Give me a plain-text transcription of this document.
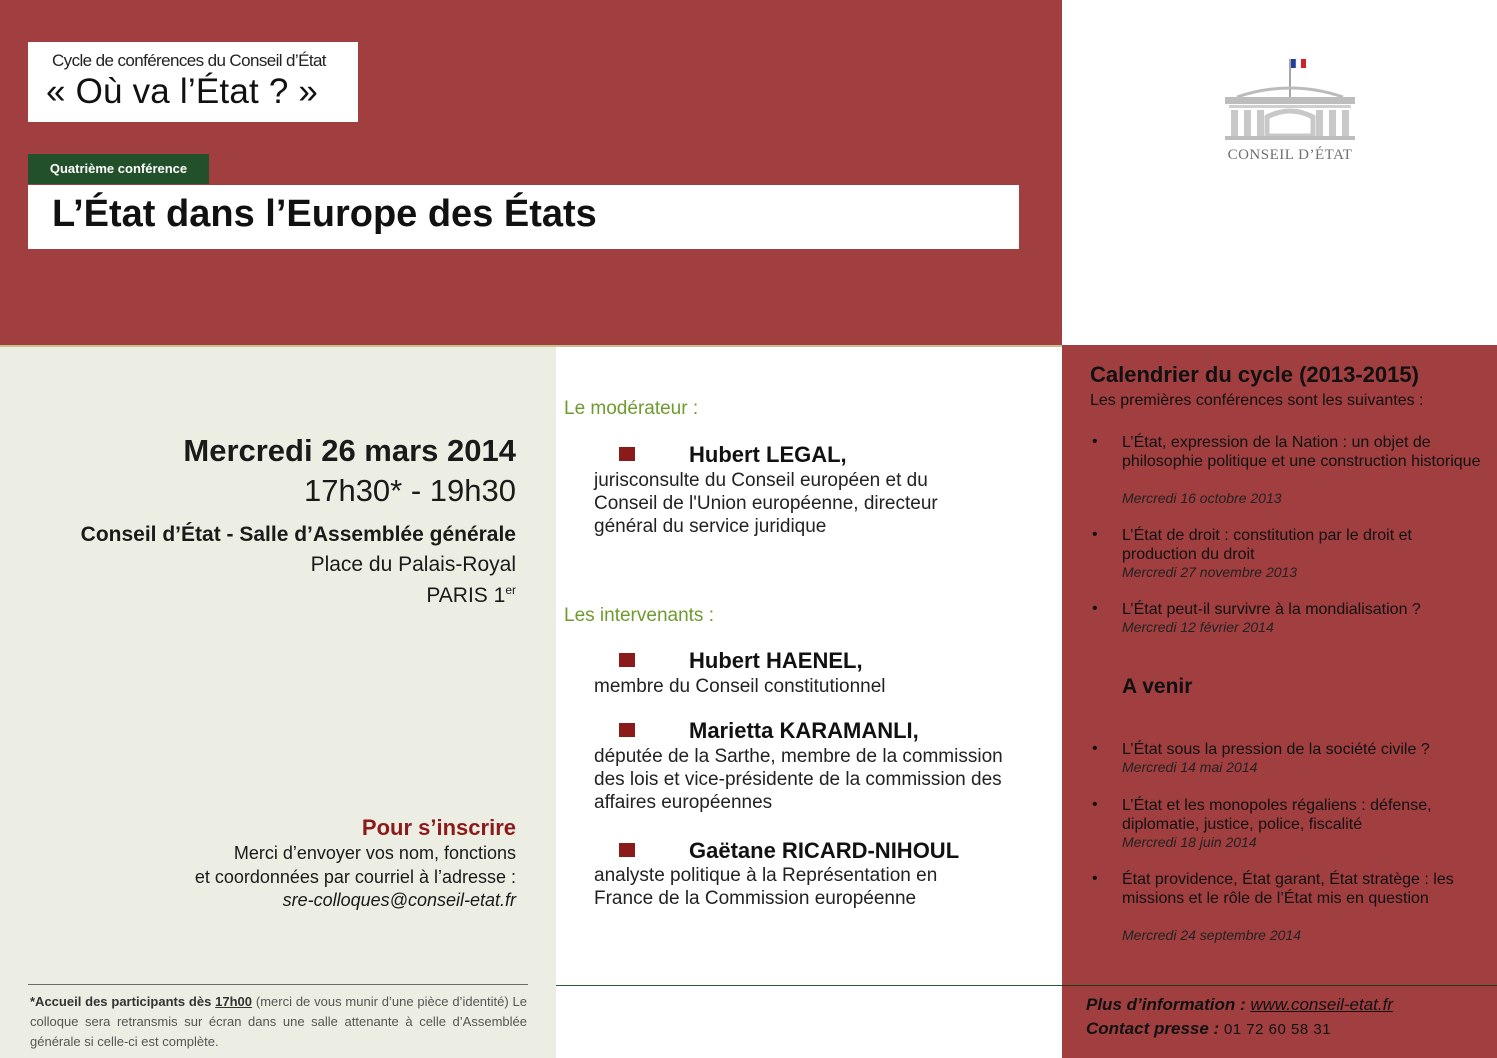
Cycle de conférences du Conseil d’État
« Où va l’État ? »
Quatrième conférence
L’État dans l’Europe des États
CONSEIL D’ÉTAT
Mercredi 26 mars 2014
17h30* - 19h30
Conseil d’État - Salle d’Assemblée générale
Place du Palais-Royal
PARIS 1er
Pour s’inscrire
Merci d’envoyer vos nom, fonctions
et coordonnées par courriel à l’adresse :
sre-colloques@conseil-etat.fr
*Accueil des participants dès 17h00 (merci de vous munir d’une pièce d’identité) Le colloque sera retransmis sur écran dans une salle attenante à celle d’Assemblée générale si celle-ci est complète.
Le modérateur :
Hubert LEGAL,
jurisconsulte du Conseil européen et du Conseil de l'Union européenne, directeur général du service juridique
Les intervenants :
Hubert HAENEL,
membre du Conseil constitutionnel
Marietta KARAMANLI,
députée de la Sarthe, membre de la commission des lois et vice-présidente de la commission des affaires européennes
Gaëtane RICARD-NIHOUL
analyste politique à la Représentation en France de la Commission européenne
Calendrier du cycle (2013-2015)
Les premières conférences sont les suivantes :
• L’État, expression de la Nation : un objet de philosophie politique et une construction historique
Mercredi 16 octobre 2013
• L’État de droit : constitution par le droit et production du droit
Mercredi 27 novembre 2013
• L’État peut-il survivre à la mondialisation ?
Mercredi 12 février 2014
A venir
• L’État sous la pression de la société civile ?
Mercredi 14 mai 2014
• L’État et les monopoles régaliens : défense, diplomatie, justice, police, fiscalité
Mercredi 18 juin 2014
• État providence, État garant, État stratège : les missions et le rôle de l’État mis en question
Mercredi 24 septembre 2014
Plus d’information : www.conseil-etat.fr
Contact presse : 01 72 60 58 31
